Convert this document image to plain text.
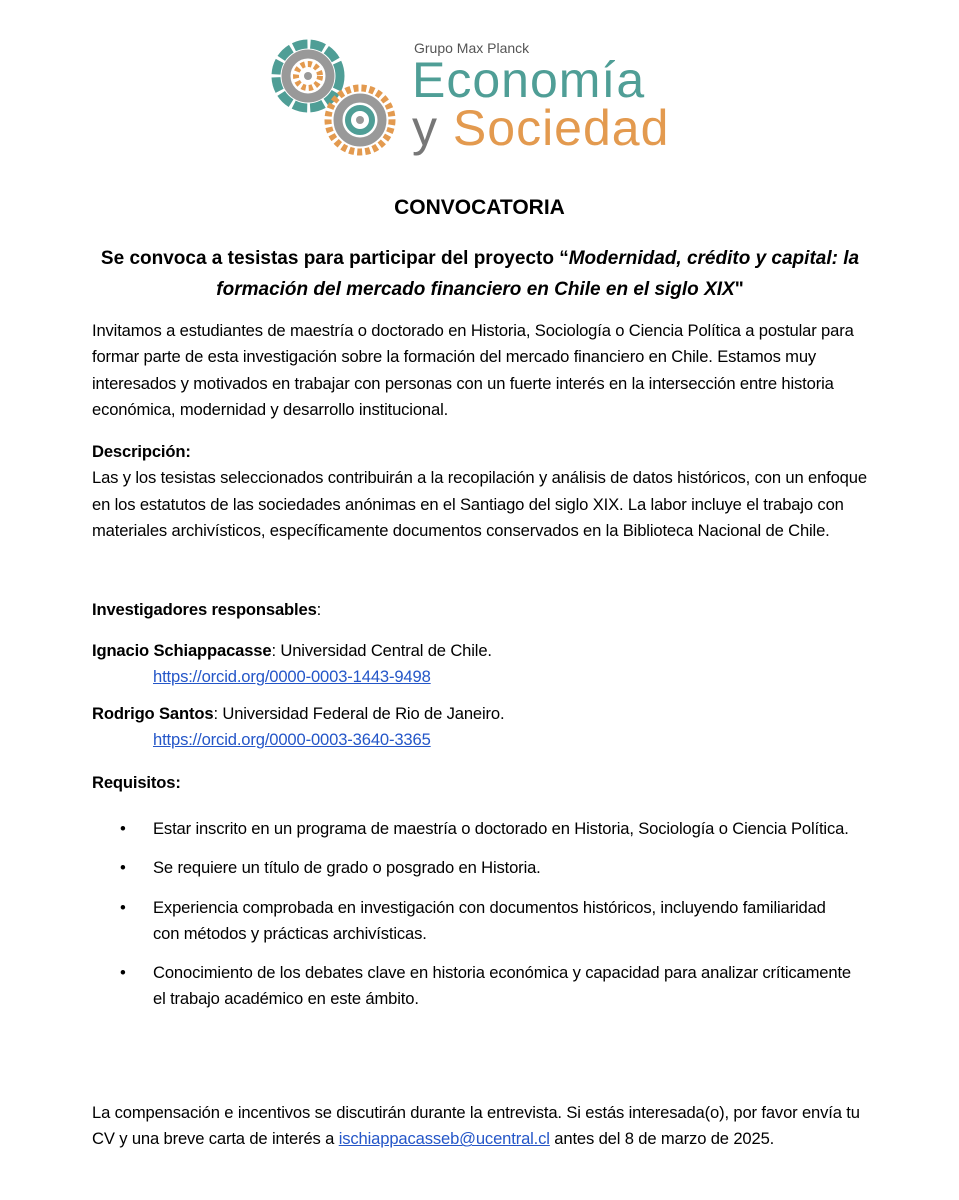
Grupo Max Planck
Economía
y Sociedad
CONVOCATORIA
Se convoca a tesistas para participar del proyecto “Modernidad, crédito y capital: la formación del mercado financiero en Chile en el siglo XIX"
Invitamos a estudiantes de maestría o doctorado en Historia, Sociología o Ciencia Política a postular para formar parte de esta investigación sobre la formación del mercado financiero en Chile. Estamos muy interesados y motivados en trabajar con personas con un fuerte interés en la intersección entre historia económica, modernidad y desarrollo institucional.
Descripción:
Las y los tesistas seleccionados contribuirán a la recopilación y análisis de datos históricos, con un enfoque en los estatutos de las sociedades anónimas en el Santiago del siglo XIX. La labor incluye el trabajo con materiales archivísticos, específicamente documentos conservados en la Biblioteca Nacional de Chile.
Investigadores responsables:
Ignacio Schiappacasse: Universidad Central de Chile.
https://orcid.org/0000-0003-1443-9498
Rodrigo Santos: Universidad Federal de Rio de Janeiro.
https://orcid.org/0000-0003-3640-3365
Requisitos:
• Estar inscrito en un programa de maestría o doctorado en Historia, Sociología o Ciencia Política.
• Se requiere un título de grado o posgrado en Historia.
• Experiencia comprobada en investigación con documentos históricos, incluyendo familiaridad con métodos y prácticas archivísticas.
• Conocimiento de los debates clave en historia económica y capacidad para analizar críticamente el trabajo académico en este ámbito.
La compensación e incentivos se discutirán durante la entrevista. Si estás interesada(o), por favor envía tu CV y una breve carta de interés a ischiappacasseb@ucentral.cl antes del 8 de marzo de 2025.
